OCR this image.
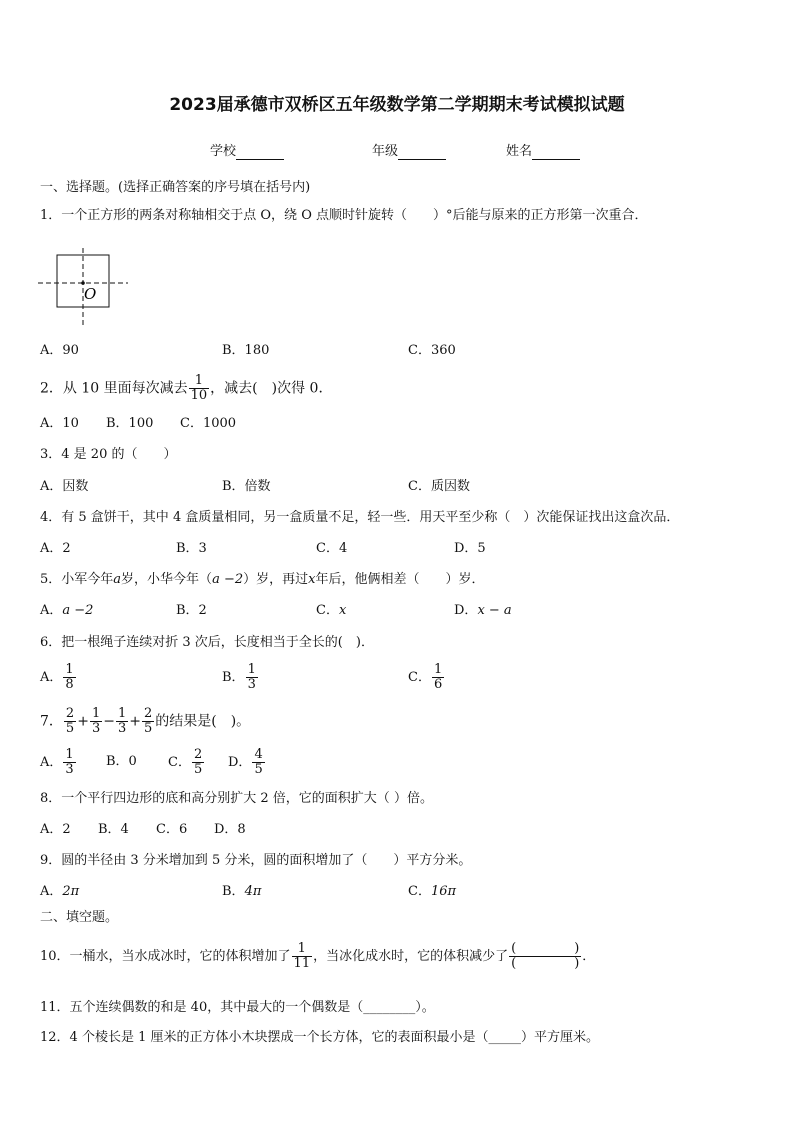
2023届承德市双桥区五年级数学第二学期期末考试模拟试题
学校	年级	姓名
一、选择题。(选择正确答案的序号填在括号内)
1．一个正方形的两条对称轴相交于点 O，绕 O 点顺时针旋转（　　）°后能与原来的正方形第一次重合．
O
A．90	B．180	C．360
2．从 10 里面每次减去 $\frac{1}{10}$ ，减去(　)次得 0．
A．10 B．100 C．1000
3．4 是 20 的（　　）
A．因数	B．倍数	C．质因数
4．有 5 盒饼干，其中 4 盒质量相同，另一盒质量不足，轻一些．用天平至少称（　）次能保证找出这盒次品．
A．2	B．3	C．4	D．5
5．小军今年a岁，小华今年（a −2）岁，再过x年后，他俩相差（　　）岁．
A．a −2	B．2	C．x	D．x − a
6．把一根绳子连续对折 3 次后，长度相当于全长的(　)．
A． $\frac{1}{8}$	B． $\frac{1}{3}$	C． $\frac{1}{6}$
7． $\frac{2}{5} + \frac{1}{3} - \frac{1}{3} + \frac{2}{5}$ 的结果是(　)。
A． $\frac{1}{3}$ B．0 C． $\frac{2}{5}$ D． $\frac{4}{5}$
8．一个平行四边形的底和高分别扩大 2 倍，它的面积扩大（ ）倍。
A．2 B．4 C．6 D．8
9．圆的半径由 3 分米增加到 5 分米，圆的面积增加了（　　）平方分米。
A．2π	B．4π	C．16π
二、填空题。
10．一桶水，当水成冰时，它的体积增加了 $\frac{1}{11}$ ，当冰化成水时，它的体积减少了 (	)
(	) ．
11．五个连续偶数的和是 40，其中最大的一个偶数是（________）。
12．4 个棱长是 1 厘米的正方体小木块摆成一个长方体，它的表面积最小是（_____）平方厘米。
